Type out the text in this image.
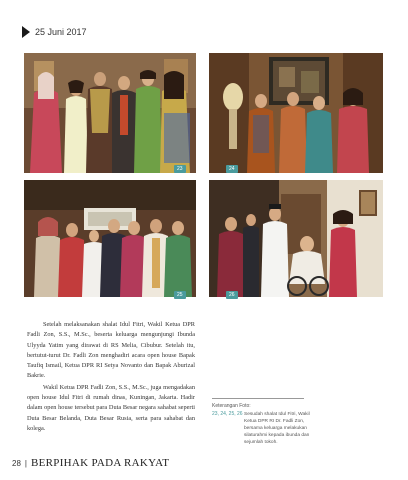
25 Juni 2017
23	24
25	26

Setelah melaksanakan shalat Idul Fitri, Wakil Ketua DPR Fadli Zon, S.S., M.Sc., beserta keluarga mengunjungi Ibunda Ulyyda Yatim yang dirawat di RS Melia, Cibubur. Setelah itu, bertutut-turut Dr. Fadli Zon menghadiri acara open house Bapak Taufiq Ismail, Ketua DPR RI Setya Novanto dan Bapak Aburizal Bakrie.

Wakil Ketua DPR Fadli Zon, S.S., M.Sc., juga mengadakan open house Idul Fitri di rumah dinas, Kuningan, Jakarta. Hadir dalam open house tersebut para Duta Besar negara sahabat seperti Duta Besar Belanda, Duta Besar Rusia, serta para sahabat dan kolega.

Keterangan Foto:
23, 24, 25, 26 Sesudah shalat Idul Fitri, Wakil Ketua DPR RI Dr. Fadli Zon, bersama keluarga melakukan silaturahmi kepada ibunda dan sejumlah tokoh.
28 | BERPIHAK PADA RAKYAT
